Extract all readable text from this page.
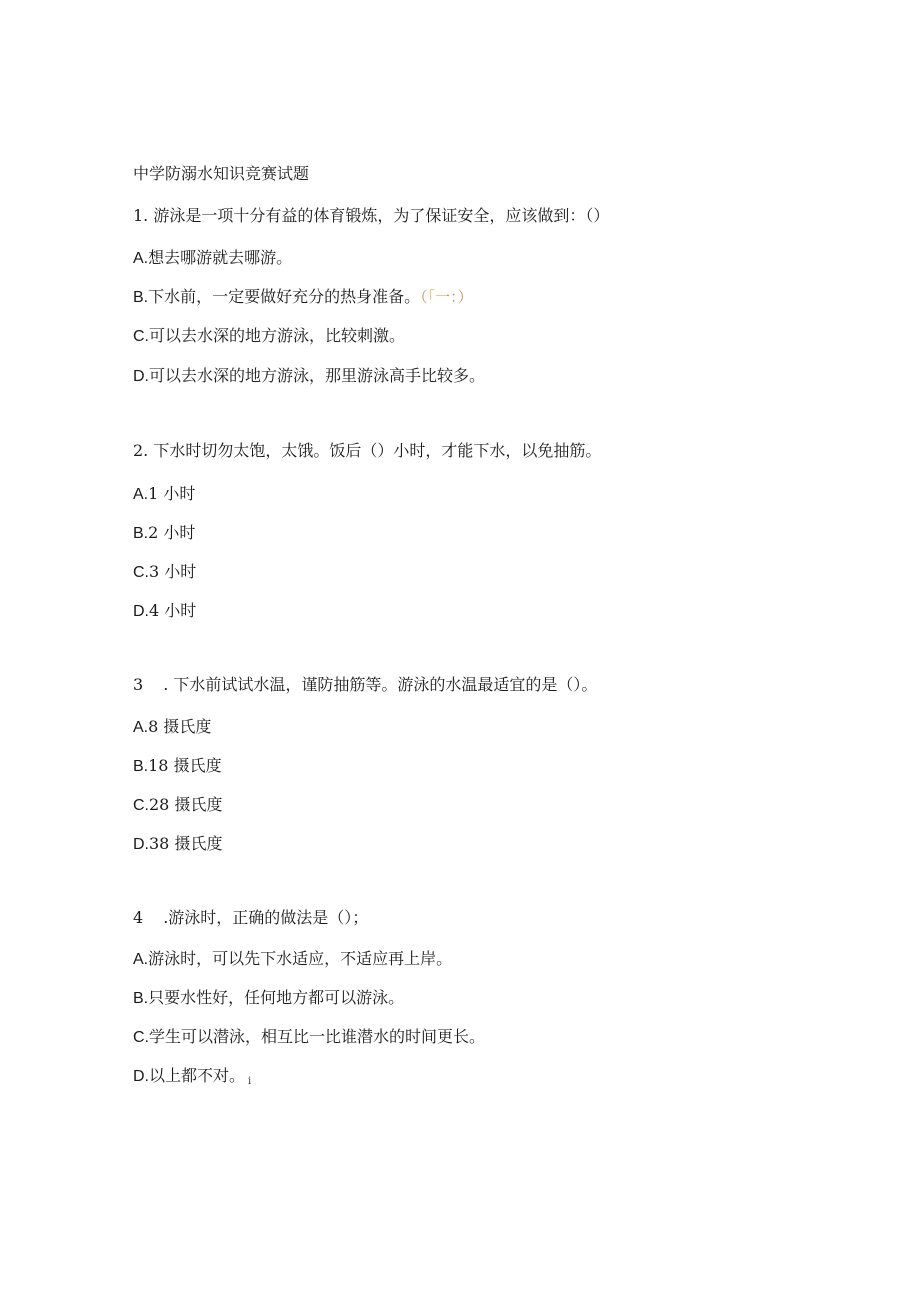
中学防溺水知识竞赛试题
1. 游泳是一项十分有益的体育锻炼，为了保证安全，应该做到：（）
A.想去哪游就去哪游。
B.下水前，一定要做好充分的热身准备。（「一：）
C.可以去水深的地方游泳，比较刺激。
D.可以去水深的地方游泳，那里游泳高手比较多。
2. 下水时切勿太饱，太饿。饭后（）小时，才能下水，以免抽筋。
A.1 小时
B.2 小时
C.3 小时
D.4 小时
3 . 下水前试试水温，谨防抽筋等。游泳的水温最适宜的是（）。
A.8 摄氏度
B.18 摄氏度
C.28 摄氏度
D.38 摄氏度
4 .游泳时，正确的做法是（）；
A.游泳时，可以先下水适应，不适应再上岸。
B.只要水性好，任何地方都可以游泳。
C.学生可以潜泳，相互比一比谁潜水的时间更长。
D.以上都不对。 i
